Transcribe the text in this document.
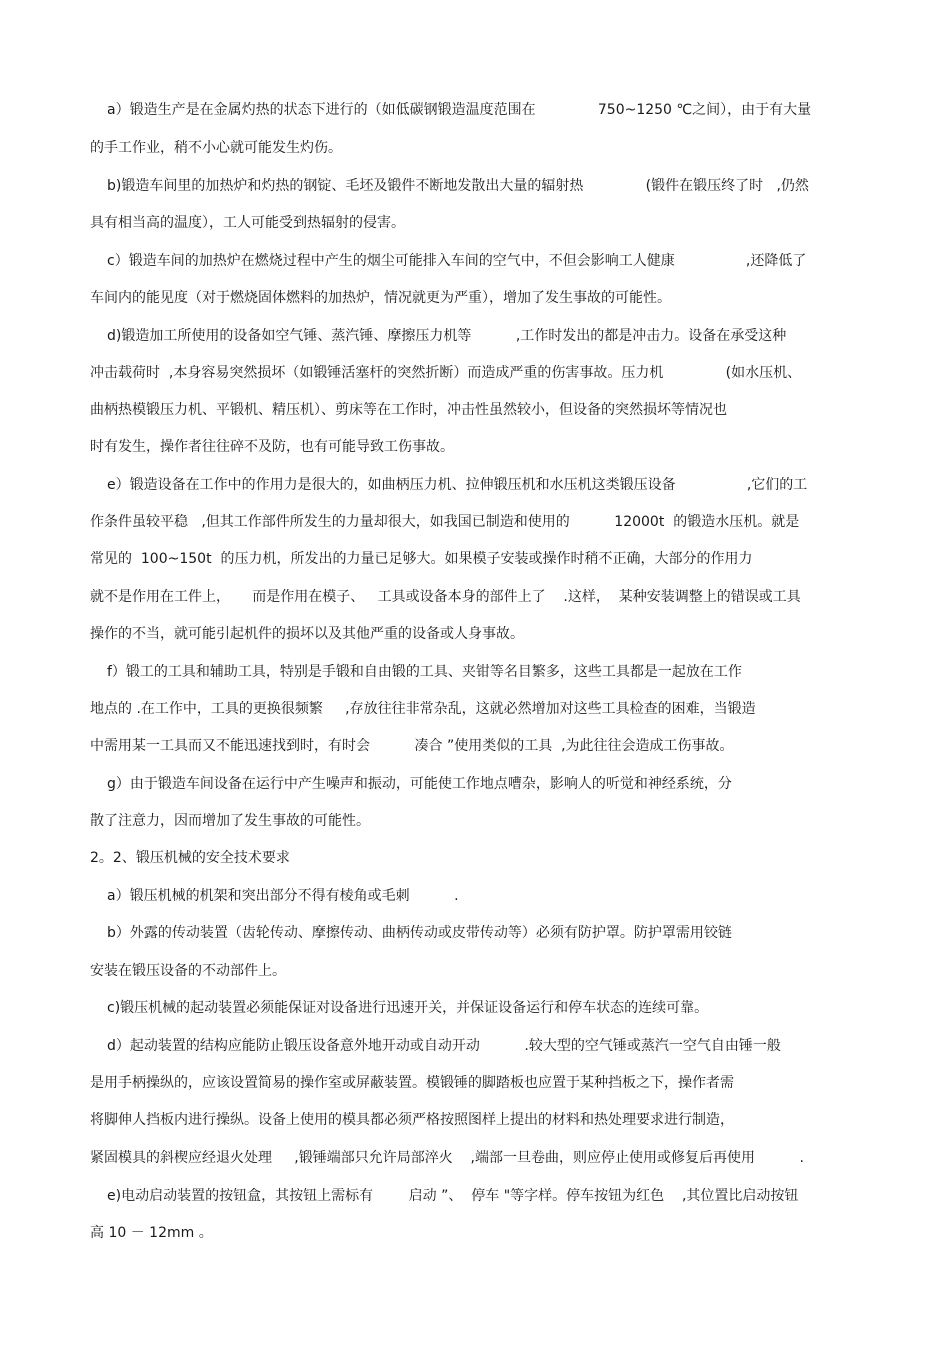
a）锻造生产是在金属灼热的状态下进行的（如低碳钢锻造温度范围在              750~1250 ℃之间），由于有大量
的手工作业，稍不小心就可能发生灼伤。
b)锻造车间里的加热炉和灼热的钢锭、毛坯及锻件不断地发散出大量的辐射热              (锻件在锻压终了时   ,仍然
具有相当高的温度），工人可能受到热辐射的侵害。
c）锻造车间的加热炉在燃烧过程中产生的烟尘可能排入车间的空气中，不但会影响工人健康                ,还降低了
车间内的能见度（对于燃烧固体燃料的加热炉，情况就更为严重），增加了发生事故的可能性。
d)锻造加工所使用的设备如空气锤、蒸汽锤、摩擦压力机等          ,工作时发出的都是冲击力。设备在承受这种
冲击载荷时  ,本身容易突然损坏（如锻锤活塞杆的突然折断）而造成严重的伤害事故。压力机              (如水压机、
曲柄热模锻压力机、平锻机、精压机）、剪床等在工作时，冲击性虽然较小，但设备的突然损坏等情况也
时有发生，操作者往往碎不及防，也有可能导致工伤事故。
e）锻造设备在工作中的作用力是很大的，如曲柄压力机、拉伸锻压机和水压机这类锻压设备                ,它们的工
作条件虽较平稳   ,但其工作部件所发生的力量却很大，如我国已制造和使用的          12000t  的锻造水压机。就是
常见的  100~150t  的压力机，所发出的力量已足够大。如果模子安装或操作时稍不正确，大部分的作用力
就不是作用在工件上，     而是作用在模子、   工具或设备本身的部件上了    .这样，  某种安装调整上的错误或工具
操作的不当，就可能引起机件的损坏以及其他严重的设备或人身事故。
f）锻工的工具和辅助工具，特别是手锻和自由锻的工具、夹钳等名目繁多，这些工具都是一起放在工作
地点的 .在工作中，工具的更换很频繁     ,存放往往非常杂乱，这就必然增加对这些工具检查的困难，当锻造
中需用某一工具而又不能迅速找到时，有时会          凑合 ”使用类似的工具  ,为此往往会造成工伤事故。
g）由于锻造车间设备在运行中产生噪声和振动，可能使工作地点嘈杂，影响人的听觉和神经系统，分
散了注意力，因而增加了发生事故的可能性。
2。2、锻压机械的安全技术要求
a）锻压机械的机架和突出部分不得有棱角或毛刺          .
b）外露的传动装置（齿轮传动、摩擦传动、曲柄传动或皮带传动等）必须有防护罩。防护罩需用铰链
安装在锻压设备的不动部件上。
c)锻压机械的起动装置必须能保证对设备进行迅速开关，并保证设备运行和停车状态的连续可靠。
d）起动装置的结构应能防止锻压设备意外地开动或自动开动          .较大型的空气锤或蒸汽一空气自由锤一般
是用手柄操纵的，应该设置简易的操作室或屏蔽装置。模锻锤的脚踏板也应置于某种挡板之下，操作者需
将脚伸人挡板内进行操纵。设备上使用的模具都必须严格按照图样上提出的材料和热处理要求进行制造，
紧固模具的斜楔应经退火处理     ,锻锤端部只允许局部淬火    ,端部一旦卷曲，则应停止使用或修复后再使用          .
e)电动启动装置的按钮盒，其按钮上需标有        启动 ”、  停车 "等字样。停车按钮为红色    ,其位置比启动按钮
高 10 － 12mm 。
